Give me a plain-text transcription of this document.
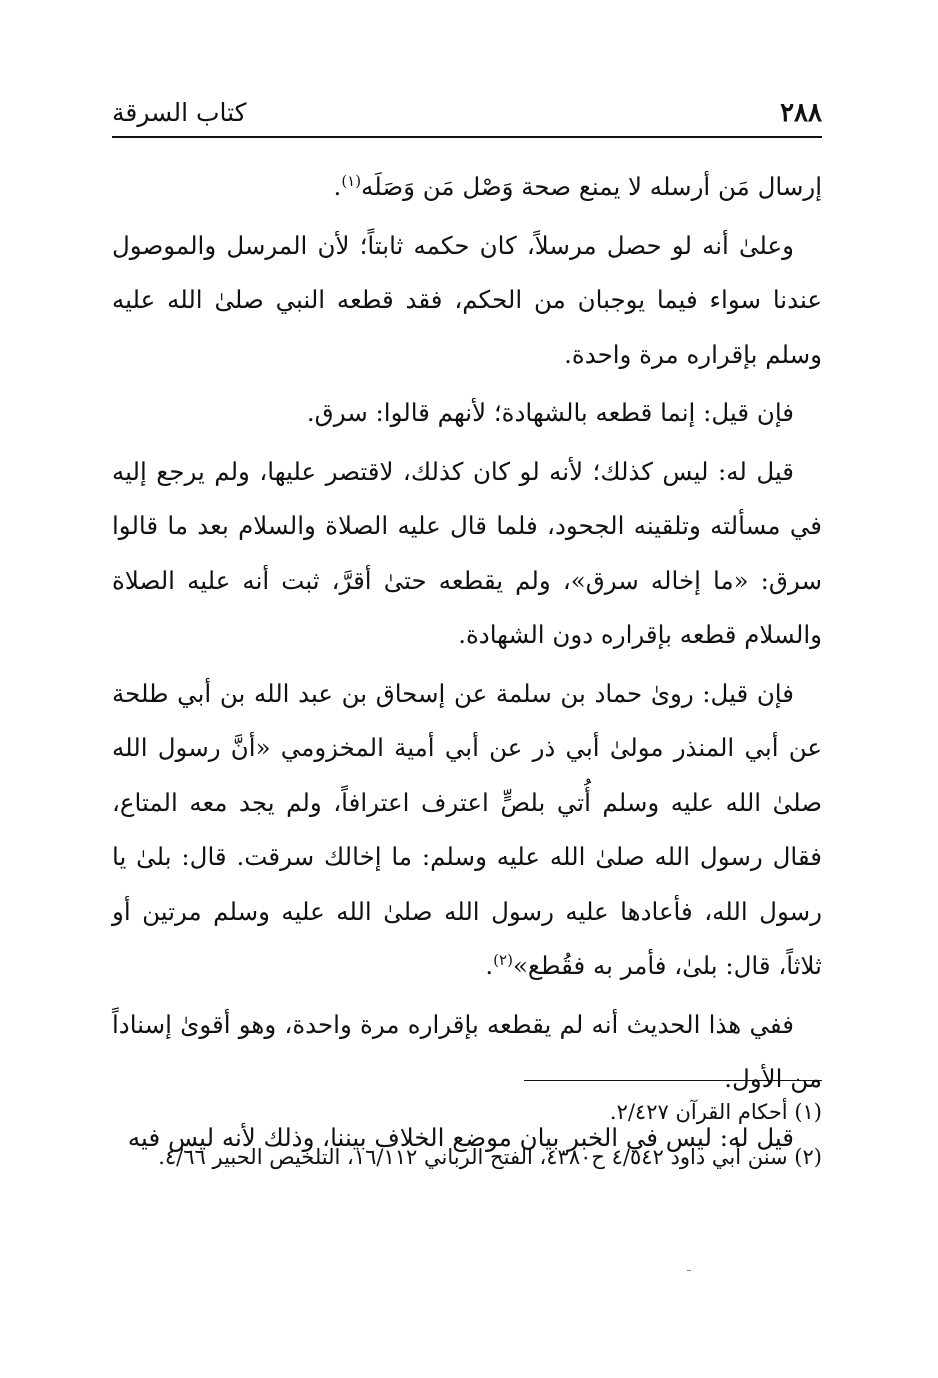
٢٨٨
كتاب السرقة

إرسال مَن أرسله لا يمنع صحة وَصْل مَن وَصَلَه$^{(١)}$.

وعلىٰ أنه لو حصل مرسلاً، كان حكمه ثابتاً؛ لأن المرسل والموصول عندنا سواء فيما يوجبان من الحكم، فقد قطعه النبي صلىٰ الله عليه وسلم بإقراره مرة واحدة.

فإن قيل: إنما قطعه بالشهادة؛ لأنهم قالوا: سرق.

قيل له: ليس كذلك؛ لأنه لو كان كذلك، لاقتصر عليها، ولم يرجع إليه في مسألته وتلقينه الجحود، فلما قال عليه الصلاة والسلام بعد ما قالوا سرق: «ما إخاله سرق»، ولم يقطعه حتىٰ أقرَّ، ثبت أنه عليه الصلاة والسلام قطعه بإقراره دون الشهادة.

فإن قيل: روىٰ حماد بن سلمة عن إسحاق بن عبد الله بن أبي طلحة عن أبي المنذر مولىٰ أبي ذر عن أبي أمية المخزومي «أنَّ رسول الله صلىٰ الله عليه وسلم أُتي بلصٍّ اعترف اعترافاً، ولم يجد معه المتاع، فقال رسول الله صلىٰ الله عليه وسلم: ما إخالك سرقت. قال: بلىٰ يا رسول الله، فأعادها عليه رسول الله صلىٰ الله عليه وسلم مرتين أو ثلاثاً، قال: بلىٰ، فأمر به فقُطع»$^{(٢)}$.

ففي هذا الحديث أنه لم يقطعه بإقراره مرة واحدة، وهو أقوىٰ إسناداً من الأول.

قيل له: ليس في الخبر بيان موضع الخلاف بيننا، وذلك لأنه ليس فيه

(١) أحكام القرآن ٢/٤٢٧.

(٢) سنن أبي داود ٤/٥٤٢ ح٤٣٨٠، الفتح الرباني ١٦/١١٢، التلخيص الحبير ٤/٦٦.
